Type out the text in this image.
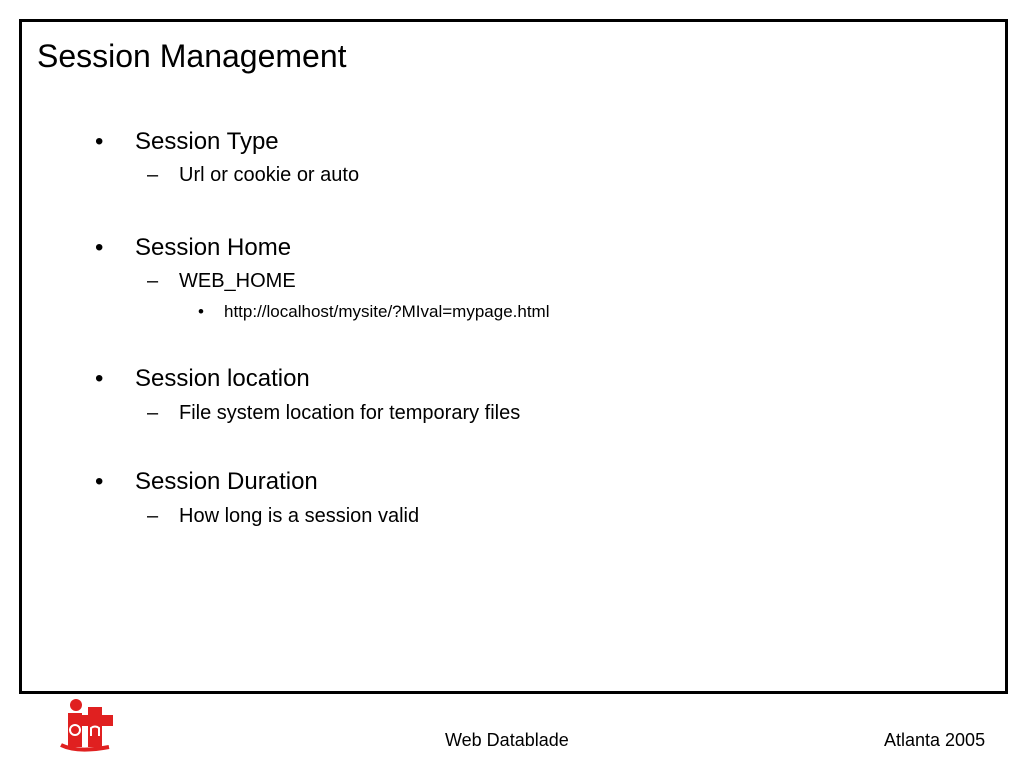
Session Management
• Session Type
– Url or cookie or auto
• Session Home
– WEB_HOME
• http://localhost/mysite/?MIval=mypage.html
• Session location
– File system location for temporary files
• Session Duration
– How long is a session valid
Web Datablade	Atlanta 2005
